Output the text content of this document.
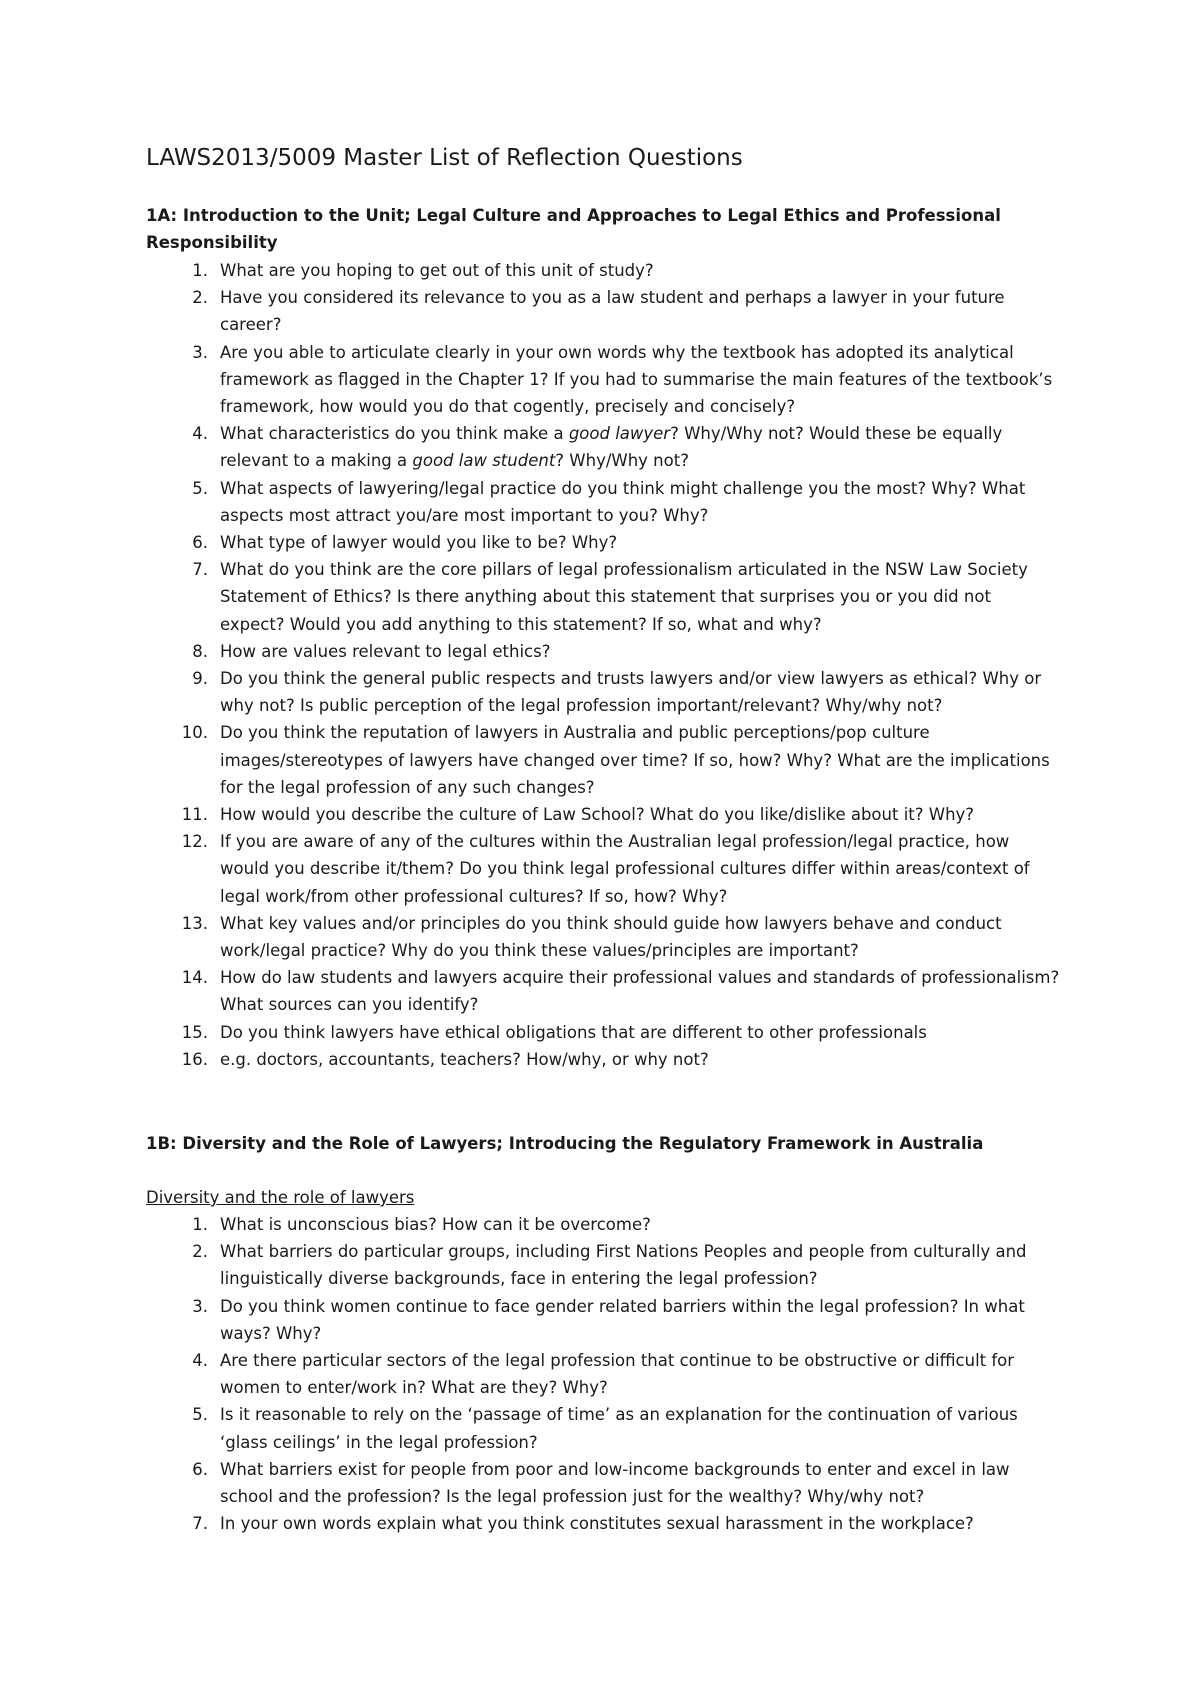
LAWS2013/5009 Master List of Reflection Questions
1A: Introduction to the Unit; Legal Culture and Approaches to Legal Ethics and Professional Responsibility
1. What are you hoping to get out of this unit of study?
2. Have you considered its relevance to you as a law student and perhaps a lawyer in your future career?
3. Are you able to articulate clearly in your own words why the textbook has adopted its analytical framework as flagged in the Chapter 1? If you had to summarise the main features of the textbook’s framework, how would you do that cogently, precisely and concisely?
4. What characteristics do you think make a good lawyer? Why/Why not? Would these be equally relevant to a making a good law student? Why/Why not?
5. What aspects of lawyering/legal practice do you think might challenge you the most? Why? What aspects most attract you/are most important to you? Why?
6. What type of lawyer would you like to be? Why?
7. What do you think are the core pillars of legal professionalism articulated in the NSW Law Society Statement of Ethics? Is there anything about this statement that surprises you or you did not expect? Would you add anything to this statement? If so, what and why?
8. How are values relevant to legal ethics?
9. Do you think the general public respects and trusts lawyers and/or view lawyers as ethical? Why or why not? Is public perception of the legal profession important/relevant? Why/why not?
10. Do you think the reputation of lawyers in Australia and public perceptions/pop culture images/stereotypes of lawyers have changed over time? If so, how? Why? What are the implications for the legal profession of any such changes?
11. How would you describe the culture of Law School? What do you like/dislike about it? Why?
12. If you are aware of any of the cultures within the Australian legal profession/legal practice, how would you describe it/them? Do you think legal professional cultures differ within areas/context of legal work/from other professional cultures? If so, how? Why?
13. What key values and/or principles do you think should guide how lawyers behave and conduct work/legal practice? Why do you think these values/principles are important?
14. How do law students and lawyers acquire their professional values and standards of professionalism? What sources can you identify?
15. Do you think lawyers have ethical obligations that are different to other professionals
16. e.g. doctors, accountants, teachers? How/why, or why not?
1B: Diversity and the Role of Lawyers; Introducing the Regulatory Framework in Australia
Diversity and the role of lawyers
1. What is unconscious bias? How can it be overcome?
2. What barriers do particular groups, including First Nations Peoples and people from culturally and linguistically diverse backgrounds, face in entering the legal profession?
3. Do you think women continue to face gender related barriers within the legal profession? In what ways? Why?
4. Are there particular sectors of the legal profession that continue to be obstructive or difficult for women to enter/work in? What are they? Why?
5. Is it reasonable to rely on the ‘passage of time’ as an explanation for the continuation of various ‘glass ceilings’ in the legal profession?
6. What barriers exist for people from poor and low-income backgrounds to enter and excel in law school and the profession? Is the legal profession just for the wealthy? Why/why not?
7. In your own words explain what you think constitutes sexual harassment in the workplace?
